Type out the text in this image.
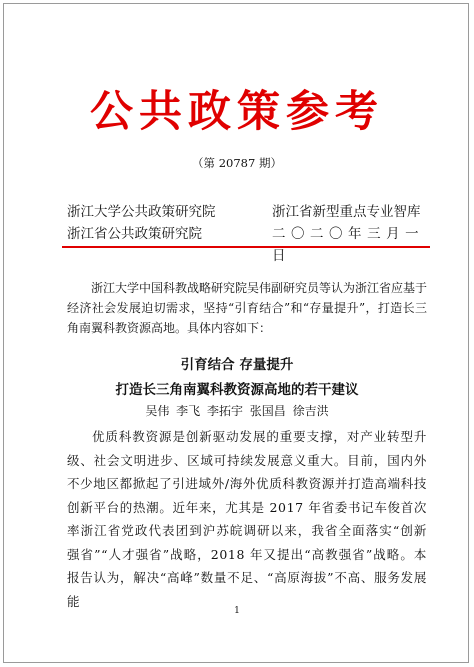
公共政策参考
（第 20787 期）
浙江大学公共政策研究院
浙江省公共政策研究院
浙江省新型重点专业智库
二〇二〇年三月一日
浙江大学中国科教战略研究院吴伟副研究员等认为浙江省应基于经济社会发展迫切需求，坚持“引育结合”和“存量提升”，打造长三角南翼科教资源高地。具体内容如下：
引育结合 存量提升
打造长三角南翼科教资源高地的若干建议
吴伟 李飞 李拓宇 张国昌 徐吉洪
优质科教资源是创新驱动发展的重要支撑，对产业转型升级、社会文明进步、区域可持续发展意义重大。目前，国内外不少地区都掀起了引进域外/海外优质科教资源并打造高端科技创新平台的热潮。近年来，尤其是 2017 年省委书记车俊首次率浙江省党政代表团到沪苏皖调研以来，我省全面落实“创新强省”“人才强省”战略，2018 年又提出“高教强省”战略。本报告认为，解决“高峰”数量不足、“高原海拔”不高、服务发展能
1
